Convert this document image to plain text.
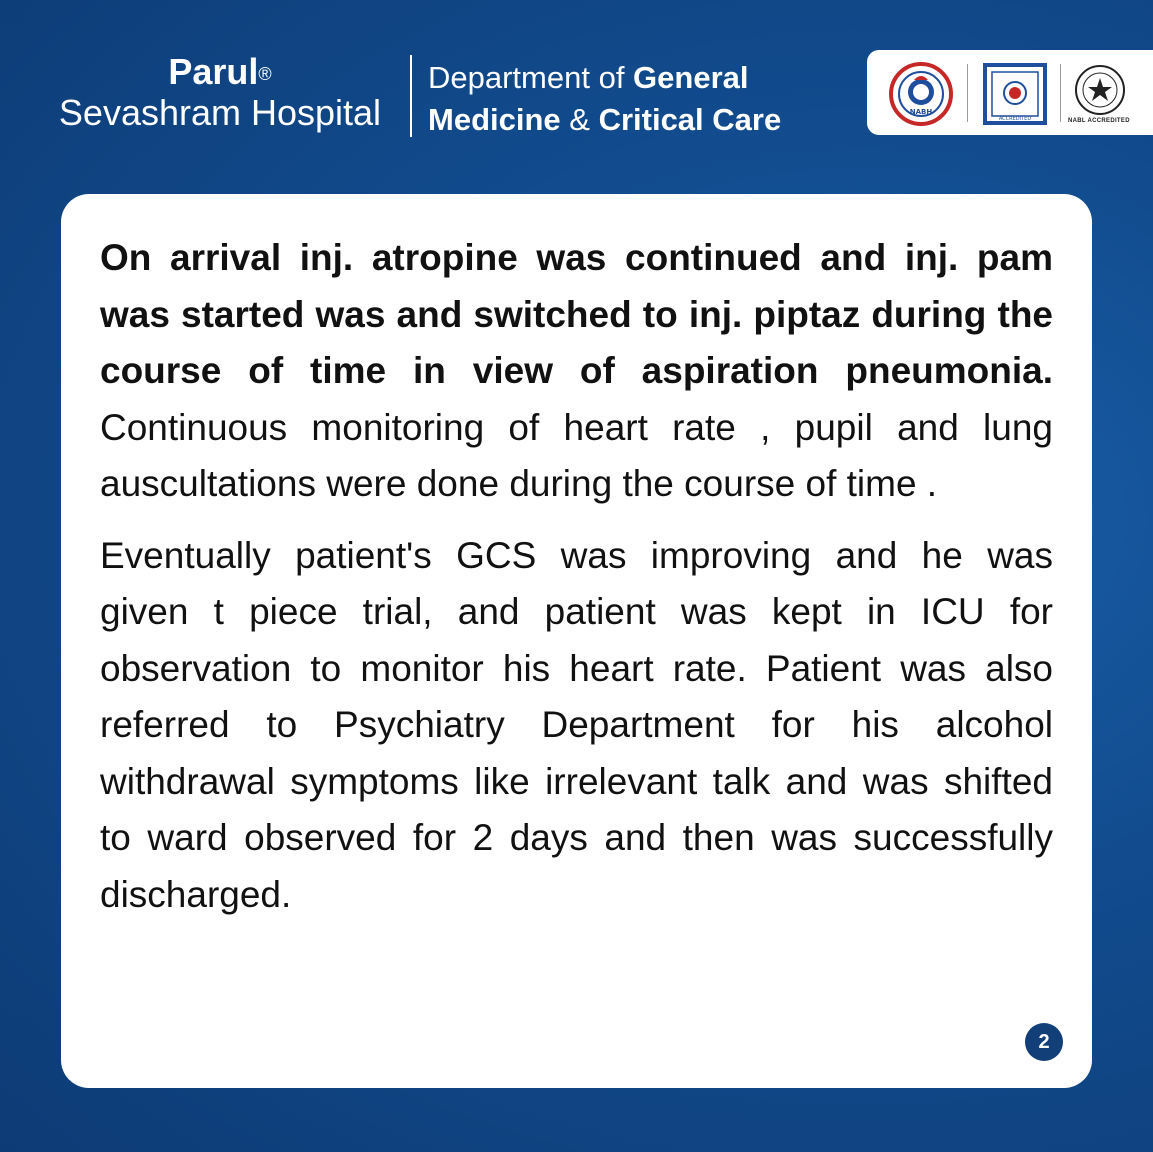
Parul®
Sevashram Hospital
Department of General
Medicine & Critical Care	NABH
ACCREDITED	NABL ACCREDITED

On arrival inj. atropine was continued and inj. pam was started was and switched to inj. piptaz during the course of time in view of aspiration pneumonia. Continuous monitoring of heart rate , pupil and lung auscultations were done during the course of time .

Eventually patient's GCS was improving and he was given t piece trial, and patient was kept in ICU for observation to monitor his heart rate. Patient was also referred to Psychiatry Department for his alcohol withdrawal symptoms like irrelevant talk and was shifted to ward observed for 2 days and then was successfully discharged.

2
